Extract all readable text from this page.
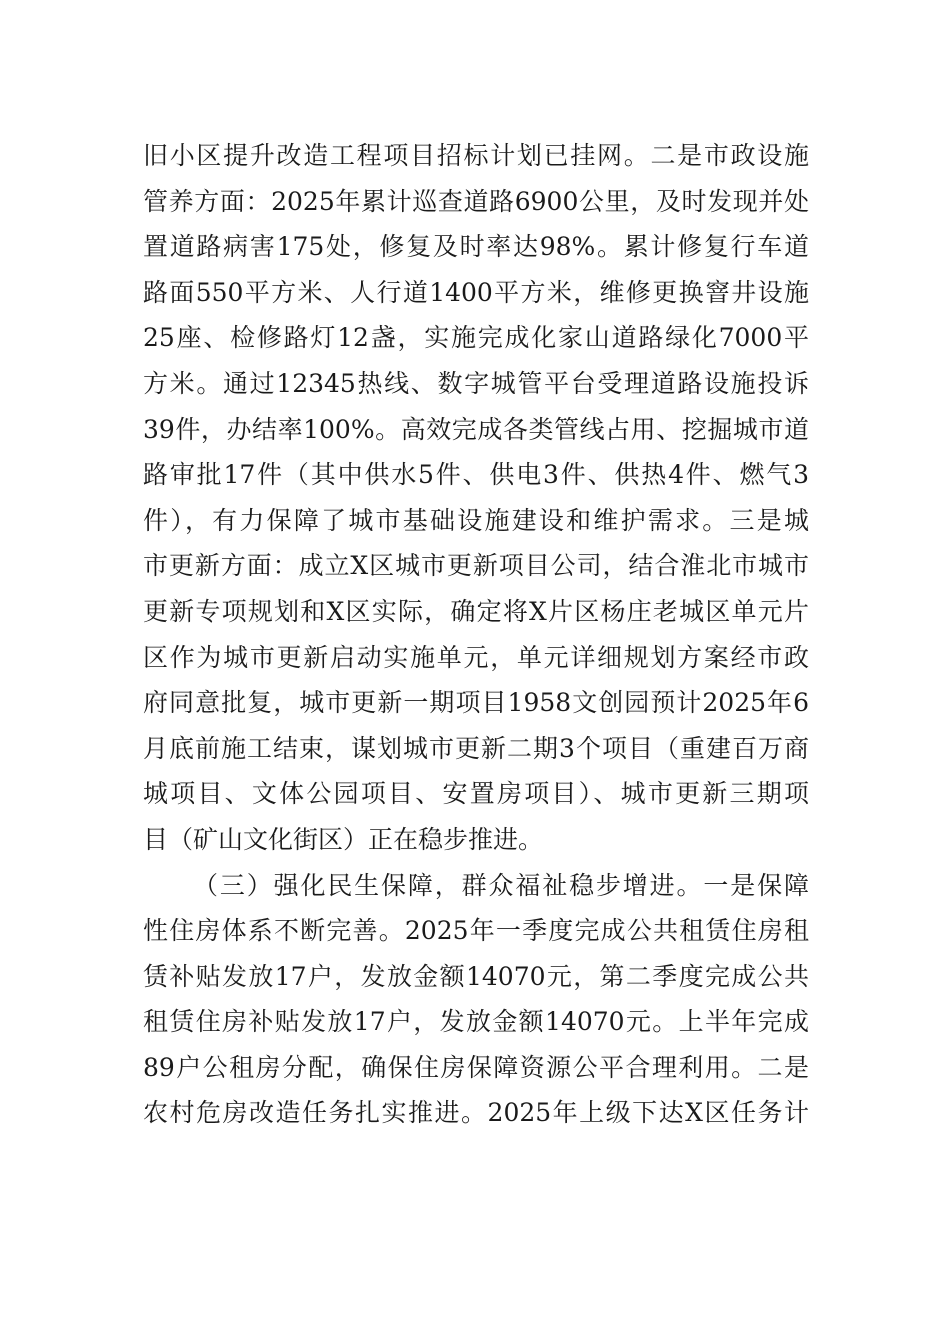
旧小区提升改造工程项目招标计划已挂网。二是市政设施
管养方面：2025年累计巡查道路6900公里，及时发现并处
置道路病害175处，修复及时率达98%。累计修复行车道
路面550平方米、人行道1400平方米，维修更换窨井设施
25座、检修路灯12盏，实施完成化家山道路绿化7000平
方米。通过12345热线、数字城管平台受理道路设施投诉
39件，办结率100%。高效完成各类管线占用、挖掘城市道
路审批17件（其中供水5件、供电3件、供热4件、燃气3
件），有力保障了城市基础设施建设和维护需求。三是城
市更新方面：成立X区城市更新项目公司，结合淮北市城市
更新专项规划和X区实际，确定将X片区杨庄老城区单元片
区作为城市更新启动实施单元，单元详细规划方案经市政
府同意批复，城市更新一期项目1958文创园预计2025年6
月底前施工结束，谋划城市更新二期3个项目（重建百万商
城项目、文体公园项目、安置房项目）、城市更新三期项
目（矿山文化街区）正在稳步推进。
（三）强化民生保障，群众福祉稳步增进。一是保障
性住房体系不断完善。2025年一季度完成公共租赁住房租
赁补贴发放17户，发放金额14070元，第二季度完成公共
租赁住房补贴发放17户，发放金额14070元。上半年完成
89户公租房分配，确保住房保障资源公平合理利用。二是
农村危房改造任务扎实推进。2025年上级下达X区任务计
